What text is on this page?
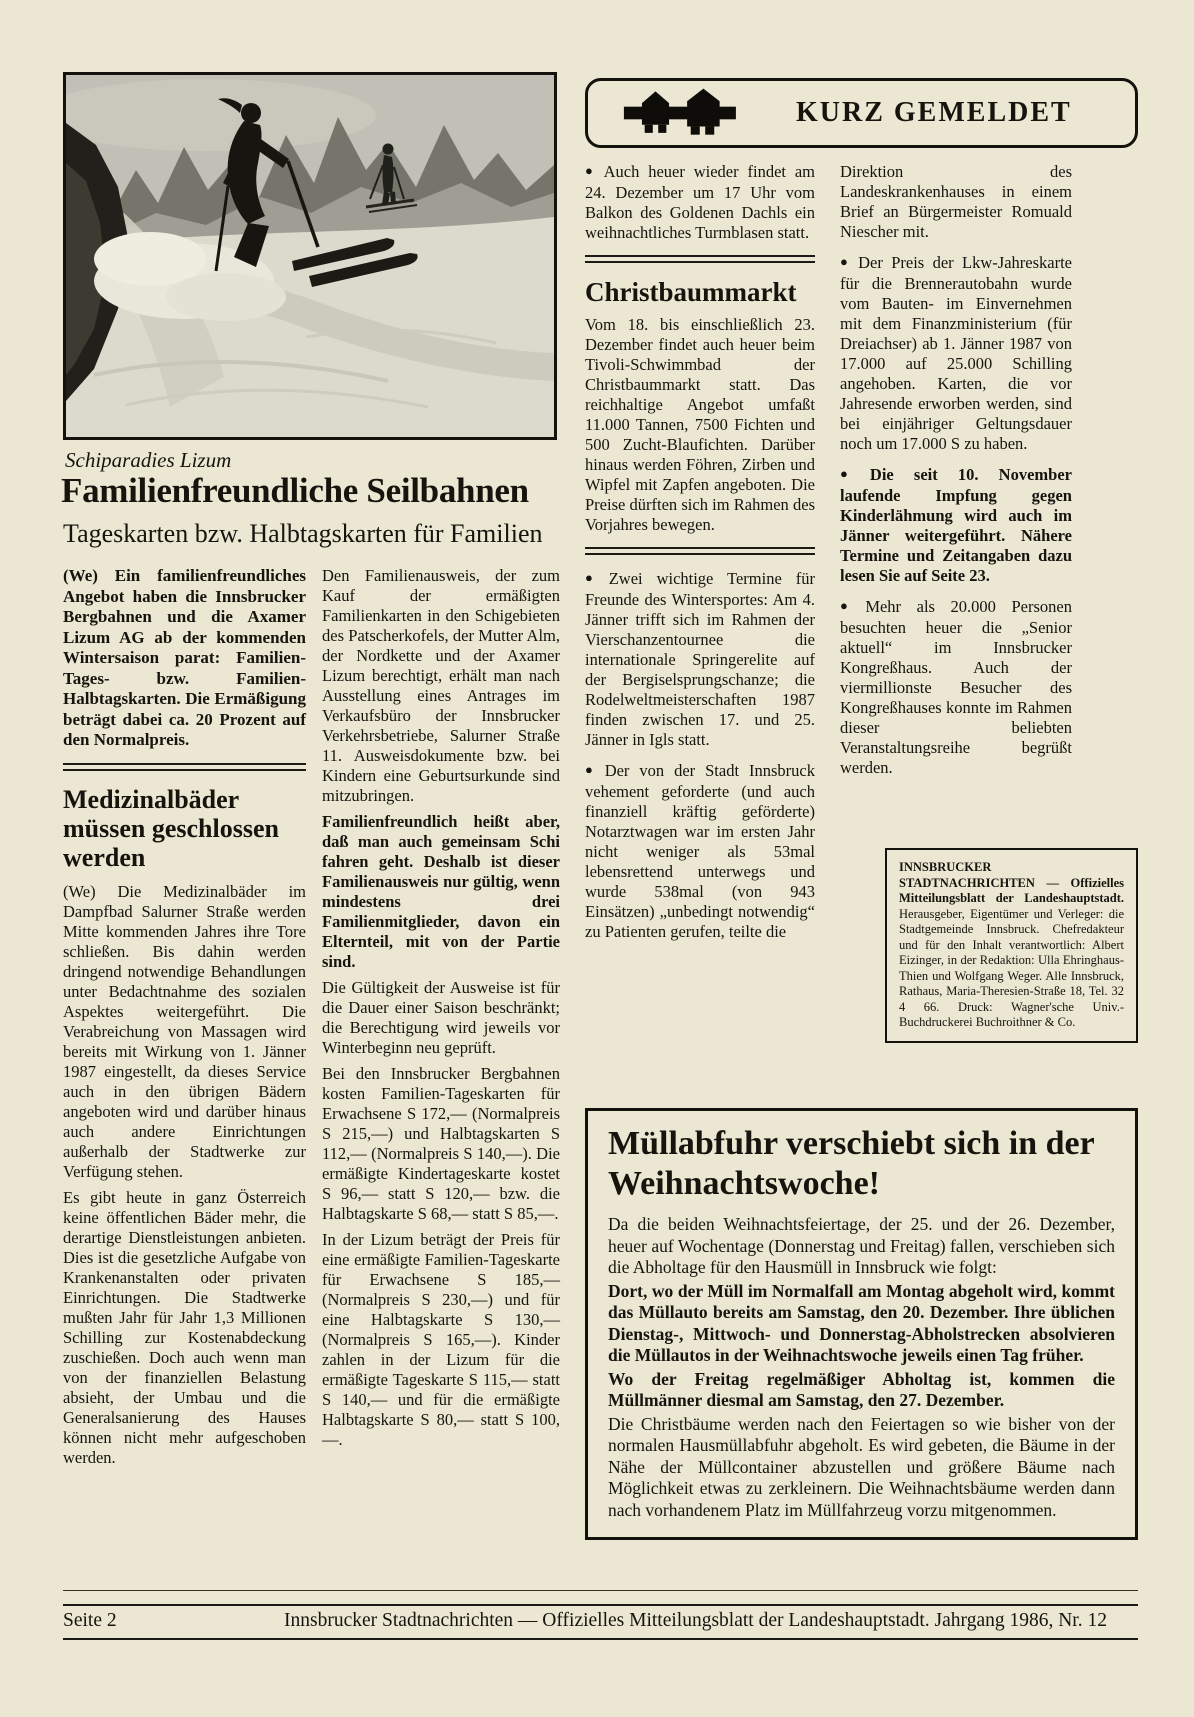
Schiparadies Lizum
Familienfreundliche Seilbahnen
Tageskarten bzw. Halbtagskarten für Familien

(We) Ein familienfreundliches Angebot haben die Innsbrucker Bergbahnen und die Axamer Lizum AG ab der kommenden Wintersaison parat: Familien-Tages- bzw. Familien-Halbtagskarten. Die Ermäßigung beträgt dabei ca. 20 Prozent auf den Normalpreis.

Medizinalbäder müssen geschlossen werden

(We) Die Medizinalbäder im Dampfbad Salurner Straße werden Mitte kommenden Jahres ihre Tore schließen. Bis dahin werden dringend notwendige Behandlungen unter Bedachtnahme des sozialen Aspektes weitergeführt. Die Verabreichung von Massagen wird bereits mit Wirkung von 1. Jänner 1987 eingestellt, da dieses Service auch in den übrigen Bädern angeboten wird und darüber hinaus auch andere Einrichtungen außerhalb der Stadtwerke zur Verfügung stehen.

Es gibt heute in ganz Österreich keine öffentlichen Bäder mehr, die derartige Dienstleistungen anbieten. Dies ist die gesetzliche Aufgabe von Krankenanstalten oder privaten Einrichtungen. Die Stadtwerke mußten Jahr für Jahr 1,3 Millionen Schilling zur Kostenabdeckung zuschießen. Doch auch wenn man von der finanziellen Belastung absieht, der Umbau und die Generalsanierung des Hauses können nicht mehr aufgeschoben werden.

Den Familienausweis, der zum Kauf der ermäßigten Familienkarten in den Schigebieten des Patscherkofels, der Mutter Alm, der Nordkette und der Axamer Lizum berechtigt, erhält man nach Ausstellung eines Antrages im Verkaufsbüro der Innsbrucker Verkehrsbetriebe, Salurner Straße 11. Ausweisdokumente bzw. bei Kindern eine Geburtsurkunde sind mitzubringen.

Familienfreundlich heißt aber, daß man auch gemeinsam Schi fahren geht. Deshalb ist dieser Familienausweis nur gültig, wenn mindestens drei Familienmitglieder, davon ein Elternteil, mit von der Partie sind.

Die Gültigkeit der Ausweise ist für die Dauer einer Saison beschränkt; die Berechtigung wird jeweils vor Winterbeginn neu geprüft.

Bei den Innsbrucker Bergbahnen kosten Familien-Tageskarten für Erwachsene S 172,— (Normalpreis S 215,—) und Halbtagskarten S 112,— (Normalpreis S 140,—). Die ermäßigte Kindertageskarte kostet S 96,— statt S 120,— bzw. die Halbtagskarte S 68,— statt S 85,—.

In der Lizum beträgt der Preis für eine ermäßigte Familien-Tageskarte für Erwachsene S 185,— (Normalpreis S 230,—) und für eine Halbtagskarte S 130,— (Normalpreis S 165,—). Kinder zahlen in der Lizum für die ermäßigte Tageskarte S 115,— statt S 140,— und für die ermäßigte Halbtagskarte S 80,— statt S 100,—.

KURZ GEMELDET

● Auch heuer wieder findet am 24. Dezember um 17 Uhr vom Balkon des Goldenen Dachls ein weihnachtliches Turmblasen statt.

Christbaummarkt

Vom 18. bis einschließlich 23. Dezember findet auch heuer beim Tivoli-Schwimmbad der Christbaummarkt statt. Das reichhaltige Angebot umfaßt 11.000 Tannen, 7500 Fichten und 500 Zucht-Blaufichten. Darüber hinaus werden Föhren, Zirben und Wipfel mit Zapfen angeboten. Die Preise dürften sich im Rahmen des Vorjahres bewegen.

● Zwei wichtige Termine für Freunde des Wintersportes: Am 4. Jänner trifft sich im Rahmen der Vierschanzentournee die internationale Springerelite auf der Bergiselsprungschanze; die Rodelweltmeisterschaften 1987 finden zwischen 17. und 25. Jänner in Igls statt.

● Der von der Stadt Innsbruck vehement geforderte (und auch finanziell kräftig geförderte) Notarztwagen war im ersten Jahr nicht weniger als 53mal lebensrettend unterwegs und wurde 538mal (von 943 Einsätzen) „unbedingt notwendig“ zu Patienten gerufen, teilte die

Direktion des Landeskrankenhauses in einem Brief an Bürgermeister Romuald Niescher mit.

● Der Preis der Lkw-Jahreskarte für die Brennerautobahn wurde vom Bauten- im Einvernehmen mit dem Finanzministerium (für Dreiachser) ab 1. Jänner 1987 von 17.000 auf 25.000 Schilling angehoben. Karten, die vor Jahresende erworben werden, sind bei einjähriger Geltungsdauer noch um 17.000 S zu haben.

● Die seit 10. November laufende Impfung gegen Kinderlähmung wird auch im Jänner weitergeführt. Nähere Termine und Zeitangaben dazu lesen Sie auf Seite 23.

● Mehr als 20.000 Personen besuchten heuer die „Senior aktuell“ im Innsbrucker Kongreßhaus. Auch der viermillionste Besucher des Kongreßhauses konnte im Rahmen dieser beliebten Veranstaltungsreihe begrüßt werden.

INNSBRUCKER STADTNACHRICHTEN — Offizielles Mitteilungsblatt der Landeshauptstadt. Herausgeber, Eigentümer und Verleger: die Stadtgemeinde Innsbruck. Chefredakteur und für den Inhalt verantwortlich: Albert Eizinger, in der Redaktion: Ulla Ehringhaus-Thien und Wolfgang Weger. Alle Innsbruck, Rathaus, Maria-Theresien-Straße 18, Tel. 32 4 66. Druck: Wagner'sche Univ.-Buchdruckerei Buchroithner & Co.
Müllabfuhr verschiebt sich in der Weihnachtswoche!

Da die beiden Weihnachtsfeiertage, der 25. und der 26. Dezember, heuer auf Wochentage (Donnerstag und Freitag) fallen, verschieben sich die Abholtage für den Hausmüll in Innsbruck wie folgt:

Dort, wo der Müll im Normalfall am Montag abgeholt wird, kommt das Müllauto bereits am Samstag, den 20. Dezember. Ihre üblichen Dienstag-, Mittwoch- und Donnerstag-Abholstrecken absolvieren die Müllautos in der Weihnachtswoche jeweils einen Tag früher.

Wo der Freitag regelmäßiger Abholtag ist, kommen die Müllmänner diesmal am Samstag, den 27. Dezember.

Die Christbäume werden nach den Feiertagen so wie bisher von der normalen Hausmüllabfuhr abgeholt. Es wird gebeten, die Bäume in der Nähe der Müllcontainer abzustellen und größere Bäume nach Möglichkeit etwas zu zerkleinern. Die Weihnachtsbäume werden dann nach vorhandenem Platz im Müllfahrzeug vorzu mitgenommen.

Seite 2	Innsbrucker Stadtnachrichten — Offizielles Mitteilungsblatt der Landeshauptstadt. Jahrgang 1986, Nr. 12
